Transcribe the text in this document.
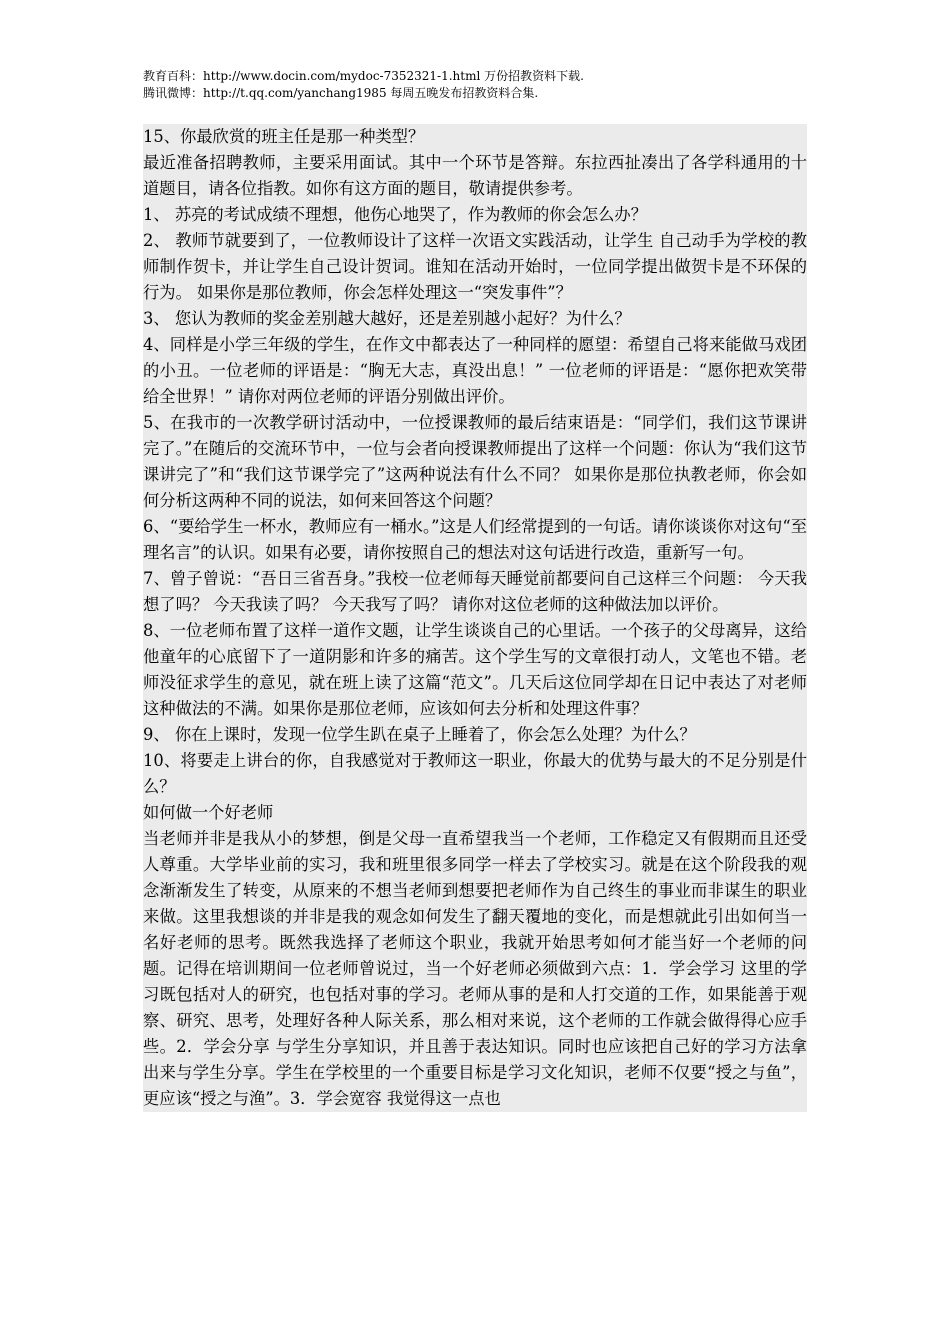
教育百科：http://www.docin.com/mydoc-7352321-1.html 万份招教资料下载.
腾讯微博：http://t.qq.com/yanchang1985 每周五晚发布招教资料合集.

15、你最欣赏的班主任是那一种类型？

最近准备招聘教师，主要采用面试。其中一个环节是答辩。东拉西扯凑出了各学科通用的十道题目，请各位指教。如你有这方面的题目，敬请提供参考。

1、 苏亮的考试成绩不理想，他伤心地哭了，作为教师的你会怎么办？

2、 教师节就要到了，一位教师设计了这样一次语文实践活动，让学生 自己动手为学校的教师制作贺卡，并让学生自己设计贺词。谁知在活动开始时，一位同学提出做贺卡是不环保的行为。 如果你是那位教师，你会怎样处理这一“突发事件”？

3、 您认为教师的奖金差别越大越好，还是差别越小起好？为什么？

4、同样是小学三年级的学生，在作文中都表达了一种同样的愿望：希望自己将来能做马戏团的小丑。一位老师的评语是：“胸无大志，真没出息！” 一位老师的评语是：“愿你把欢笑带给全世界！” 请你对两位老师的评语分别做出评价。

5、在我市的一次教学研讨活动中，一位授课教师的最后结束语是：“同学们，我们这节课讲完了。”在随后的交流环节中，一位与会者向授课教师提出了这样一个问题：你认为“我们这节课讲完了”和“我们这节课学完了”这两种说法有什么不同？ 如果你是那位执教老师，你会如何分析这两种不同的说法，如何来回答这个问题？

6、“要给学生一杯水，教师应有一桶水。”这是人们经常提到的一句话。请你谈谈你对这句“至理名言”的认识。如果有必要，请你按照自己的想法对这句话进行改造，重新写一句。

7、曾子曾说：“吾日三省吾身。”我校一位老师每天睡觉前都要问自己这样三个问题： 今天我想了吗？ 今天我读了吗？ 今天我写了吗？ 请你对这位老师的这种做法加以评价。

8、一位老师布置了这样一道作文题，让学生谈谈自己的心里话。一个孩子的父母离异，这给他童年的心底留下了一道阴影和许多的痛苦。这个学生写的文章很打动人，文笔也不错。老师没征求学生的意见，就在班上读了这篇“范文”。几天后这位同学却在日记中表达了对老师这种做法的不满。如果你是那位老师，应该如何去分析和处理这件事？

9、 你在上课时，发现一位学生趴在桌子上睡着了，你会怎么处理？为什么？

10、将要走上讲台的你，自我感觉对于教师这一职业，你最大的优势与最大的不足分别是什么？

如何做一个好老师

当老师并非是我从小的梦想，倒是父母一直希望我当一个老师，工作稳定又有假期而且还受人尊重。大学毕业前的实习，我和班里很多同学一样去了学校实习。就是在这个阶段我的观念渐渐发生了转变，从原来的不想当老师到想要把老师作为自己终生的事业而非谋生的职业来做。这里我想谈的并非是我的观念如何发生了翻天覆地的变化，而是想就此引出如何当一名好老师的思考。既然我选择了老师这个职业，我就开始思考如何才能当好一个老师的问题。记得在培训期间一位老师曾说过，当一个好老师必须做到六点：1．学会学习 这里的学习既包括对人的研究，也包括对事的学习。老师从事的是和人打交道的工作，如果能善于观察、研究、思考，处理好各种人际关系，那么相对来说，这个老师的工作就会做得得心应手些。2．学会分享 与学生分享知识，并且善于表达知识。同时也应该把自己好的学习方法拿出来与学生分享。学生在学校里的一个重要目标是学习文化知识，老师不仅要“授之与鱼”，更应该“授之与渔”。3．学会宽容 我觉得这一点也
